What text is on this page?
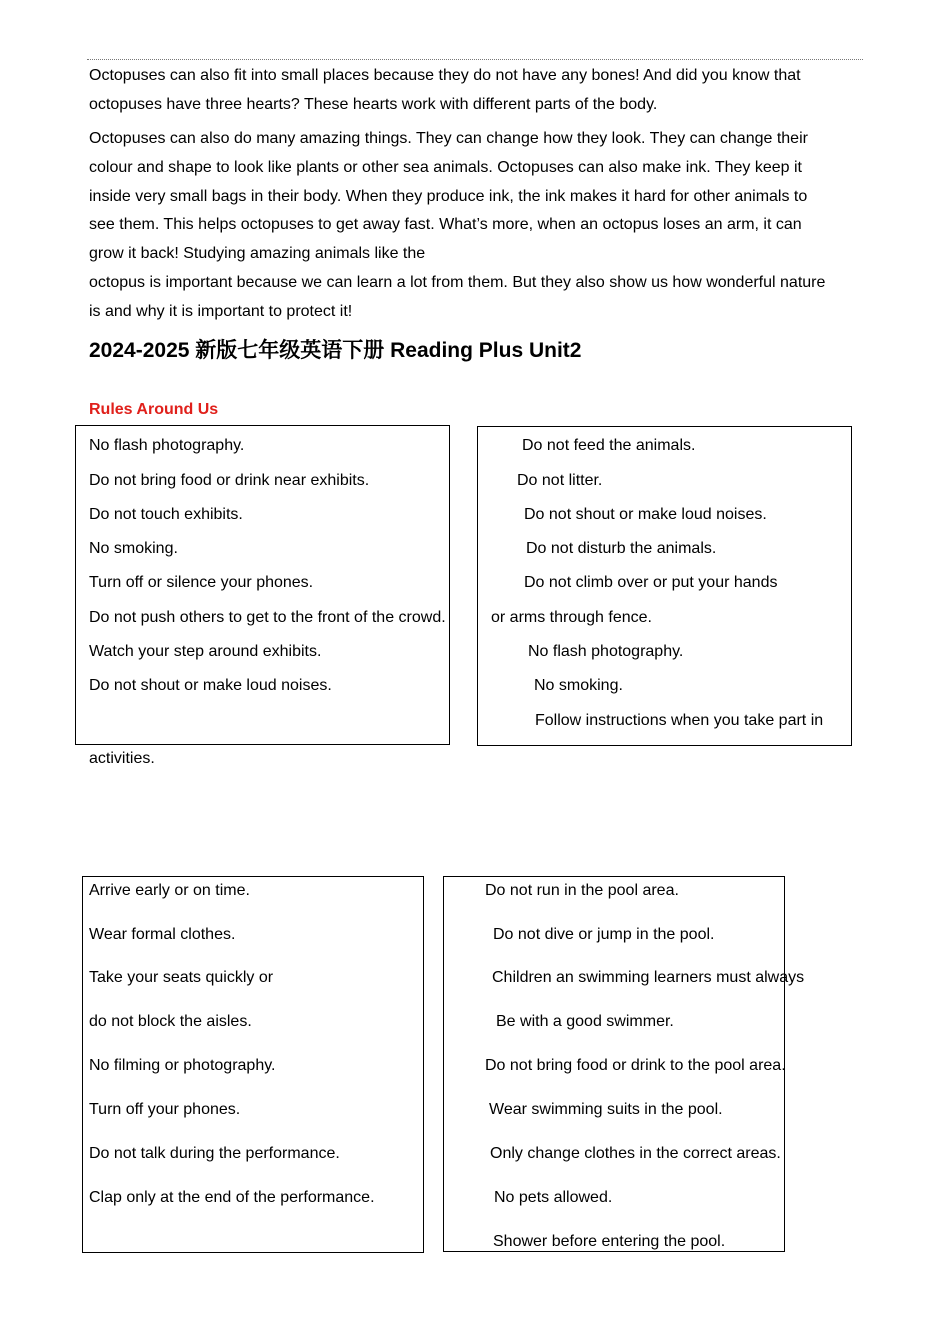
Octopuses can also fit into small places because they do not have any bones! And did you know that

octopuses have three hearts? These hearts work with different parts of the body.

Octopuses can also do many amazing things. They can change how they look. They can change their

colour and shape to look like plants or other sea animals. Octopuses can also make ink. They keep it

inside very small bags in their body. When they produce ink, the ink makes it hard for other animals to

see them. This helps octopuses to get away fast. What’s more, when an octopus loses an arm, it can

grow it back! Studying amazing animals like the

octopus is important because we can learn a lot from them. But they also show us how wonderful nature

is and why it is important to protect it!

2024-2025 新版七年级英语下册 Reading Plus Unit2
Rules Around Us
No flash photography.
Do not bring food or drink near exhibits.
Do not touch exhibits.
No smoking.
Turn off or silence your phones.
Do not push others to get to the front of the crowd.
Watch your step around exhibits.
Do not shout or make loud noises.
Do not feed the animals.
Do not litter.
Do not shout or make loud noises.
Do not disturb the animals.
Do not climb over or put your hands
or arms through fence.
No flash photography.
No smoking.
Follow instructions when you take part in
activities.
Arrive early or on time.
Wear formal clothes.
Take your seats quickly or
do not block the aisles.
No filming or photography.
Turn off your phones.
Do not talk during the performance.
Clap only at the end of the performance.
Do not run in the pool area.
Do not dive or jump in the pool.
Children an swimming learners must always
Be with a good swimmer.
Do not bring food or drink to the pool area.
Wear swimming suits in the pool.
Only change clothes in the correct areas.
No pets allowed.
Shower before entering the pool.
